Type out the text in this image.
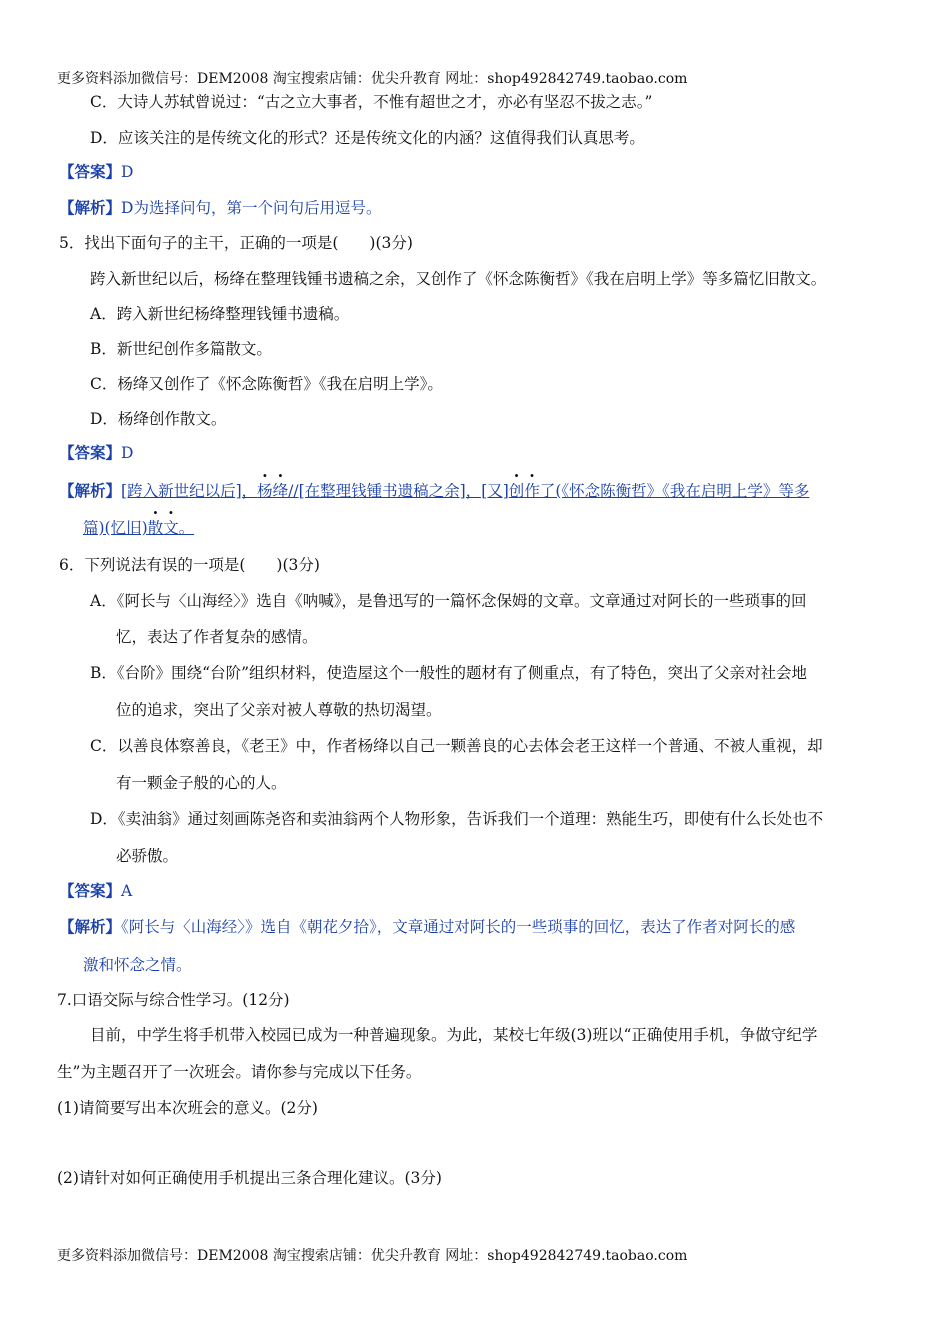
更多资料添加微信号：DEM2008 淘宝搜索店铺：优尖升教育 网址：shop492842749.taobao.com
C．大诗人苏轼曾说过：“古之立大事者，不惟有超世之才，亦必有坚忍不拔之志。”
D．应该关注的是传统文化的形式？还是传统文化的内涵？这值得我们认真思考。
【答案】D
【解析】D为选择问句，第一个问句后用逗号。
5．找出下面句子的主干，正确的一项是(　　)(3分)
跨入新世纪以后，杨绛在整理钱锺书遗稿之余，又创作了《怀念陈衡哲》《我在启明上学》等多篇忆旧散文。
A．跨入新世纪杨绛整理钱锺书遗稿。
B．新世纪创作多篇散文。
C．杨绛又创作了《怀念陈衡哲》《我在启明上学》。
D．杨绛创作散文。
【答案】D
【解析】[跨入新世纪以后]，杨绛//[在整理钱锺书遗稿之余]，[又]创作了(《怀念陈衡哲》《我在启明上学》等多
篇)(忆旧)散文。
6．下列说法有误的一项是(　　)(3分)
A．《阿长与〈山海经〉》选自《呐喊》，是鲁迅写的一篇怀念保姆的文章。文章通过对阿长的一些琐事的回
忆，表达了作者复杂的感情。
B．《台阶》围绕“台阶”组织材料，使造屋这个一般性的题材有了侧重点，有了特色，突出了父亲对社会地
位的追求，突出了父亲对被人尊敬的热切渴望。
C．以善良体察善良，《老王》中，作者杨绛以自己一颗善良的心去体会老王这样一个普通、不被人重视，却
有一颗金子般的心的人。
D．《卖油翁》通过刻画陈尧咨和卖油翁两个人物形象，告诉我们一个道理：熟能生巧，即使有什么长处也不
必骄傲。
【答案】A
【解析】《阿长与〈山海经〉》选自《朝花夕拾》，文章通过对阿长的一些琐事的回忆，表达了作者对阿长的感
激和怀念之情。
7.口语交际与综合性学习。(12分)
目前，中学生将手机带入校园已成为一种普遍现象。为此，某校七年级(3)班以“正确使用手机，争做守纪学
生”为主题召开了一次班会。请你参与完成以下任务。
(1)请简要写出本次班会的意义。(2分)
(2)请针对如何正确使用手机提出三条合理化建议。(3分)
更多资料添加微信号：DEM2008 淘宝搜索店铺：优尖升教育 网址：shop492842749.taobao.com
